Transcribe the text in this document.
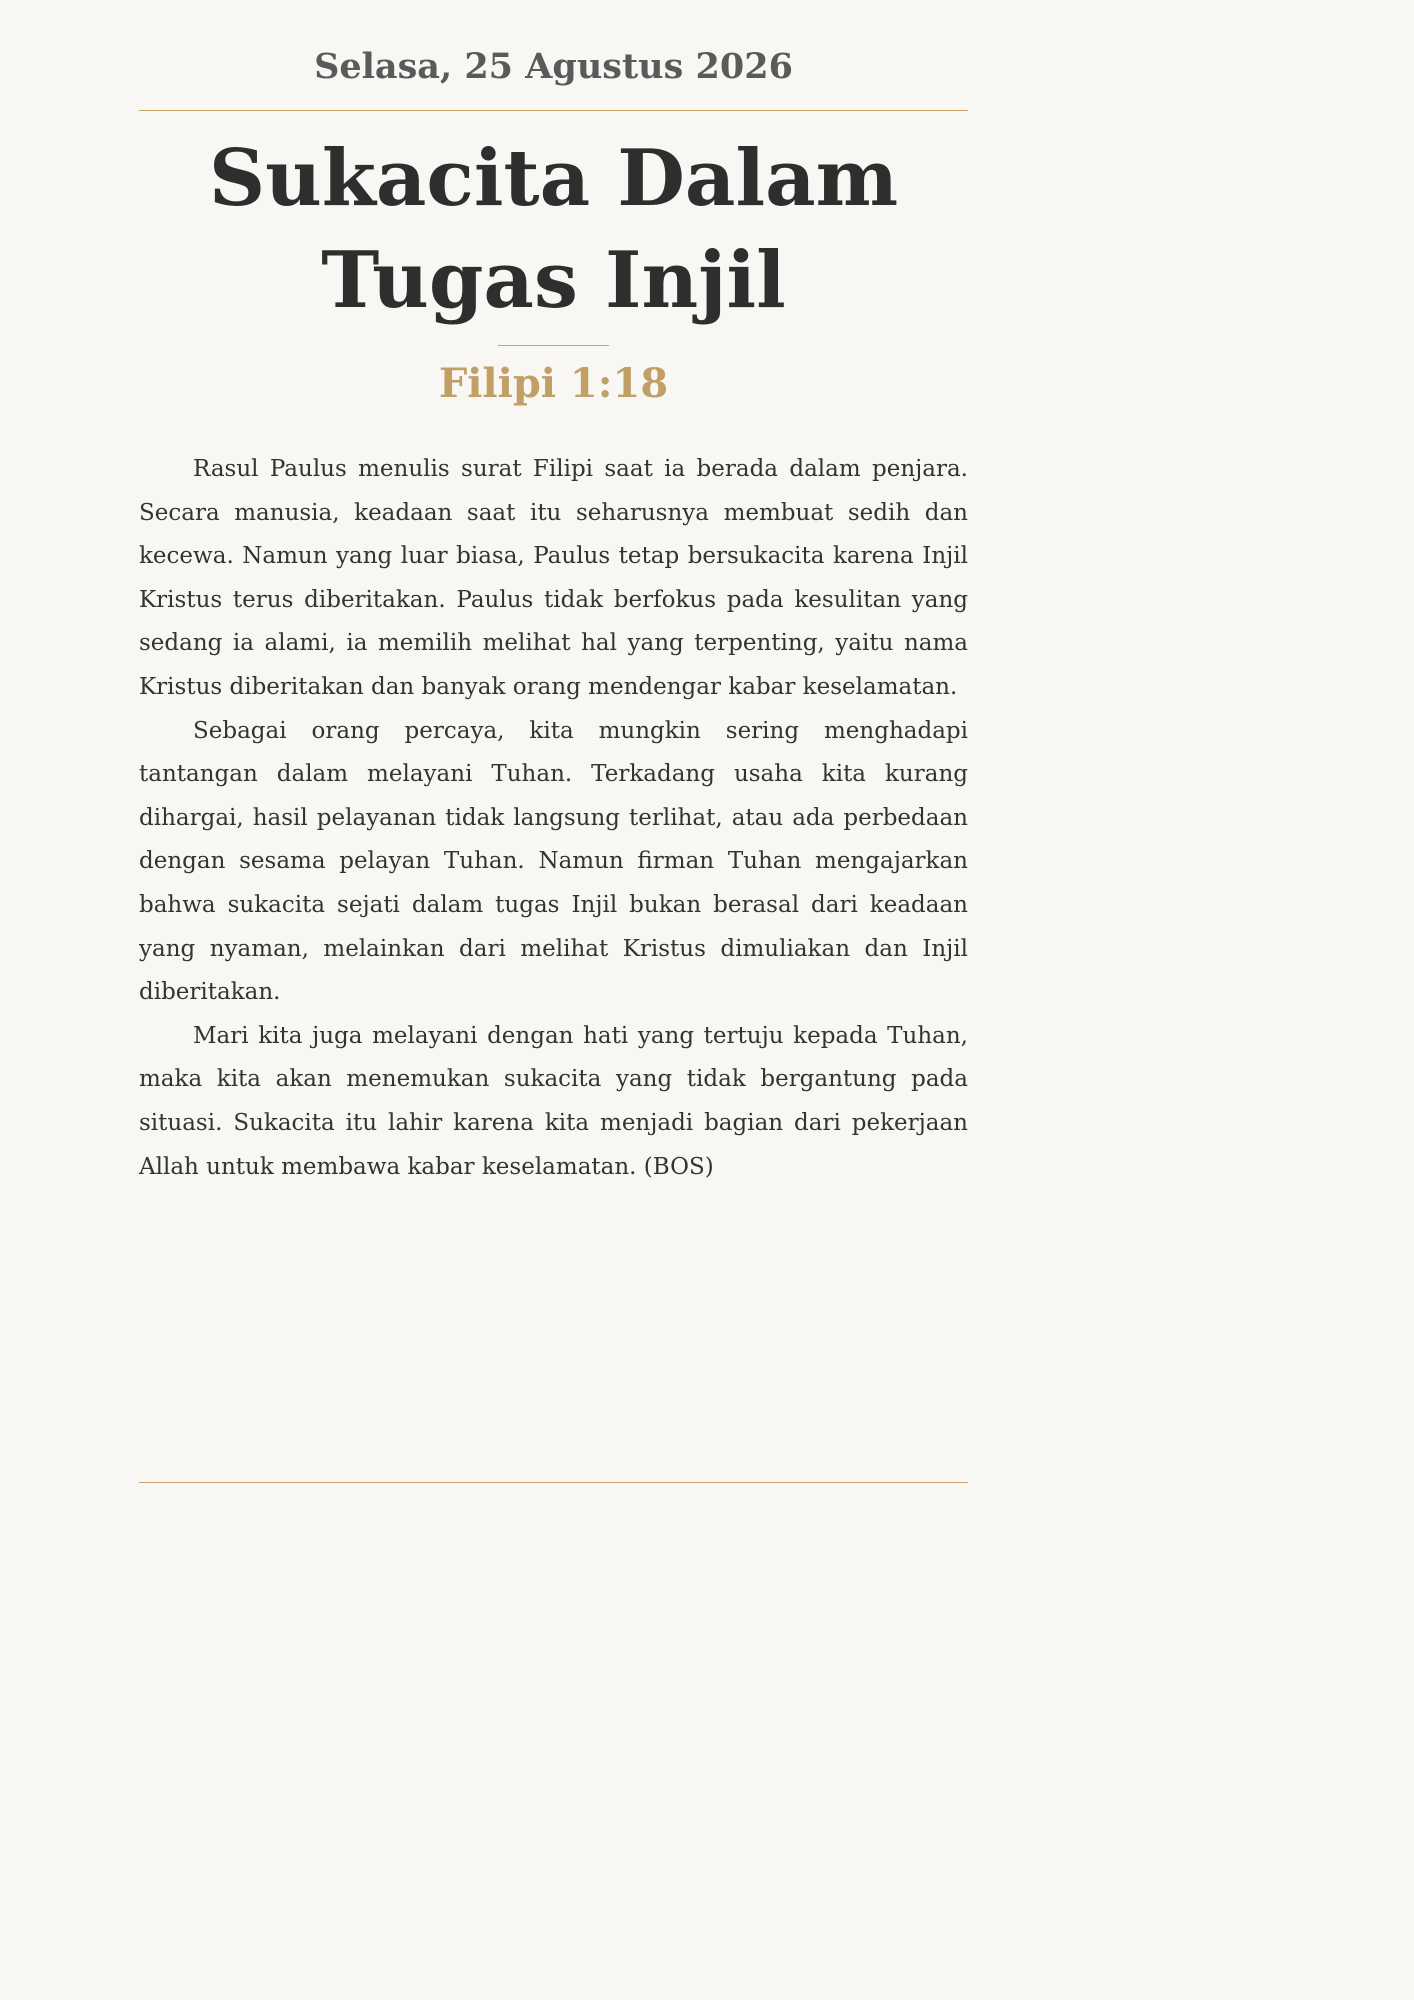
Selasa, 25 Agustus 2026
Sukacita Dalam Tugas Injil
Filipi 1:18

Rasul Paulus menulis surat Filipi saat ia berada dalam penjara. Secara manusia, keadaan saat itu seharusnya membuat sedih dan kecewa. Namun yang luar biasa, Paulus tetap bersukacita karena Injil Kristus terus diberitakan. Paulus tidak berfokus pada kesulitan yang sedang ia alami, ia memilih melihat hal yang terpenting, yaitu nama Kristus diberitakan dan banyak orang mendengar kabar keselamatan.

Sebagai orang percaya, kita mungkin sering menghadapi tantangan dalam melayani Tuhan. Terkadang usaha kita kurang dihargai, hasil pelayanan tidak langsung terlihat, atau ada perbedaan dengan sesama pelayan Tuhan. Namun firman Tuhan mengajarkan bahwa sukacita sejati dalam tugas Injil bukan berasal dari keadaan yang nyaman, melainkan dari melihat Kristus dimuliakan dan Injil diberitakan.

Mari kita juga melayani dengan hati yang tertuju kepada Tuhan, maka kita akan menemukan sukacita yang tidak bergantung pada situasi. Sukacita itu lahir karena kita menjadi bagian dari pekerjaan Allah untuk membawa kabar keselamatan. (BOS)
